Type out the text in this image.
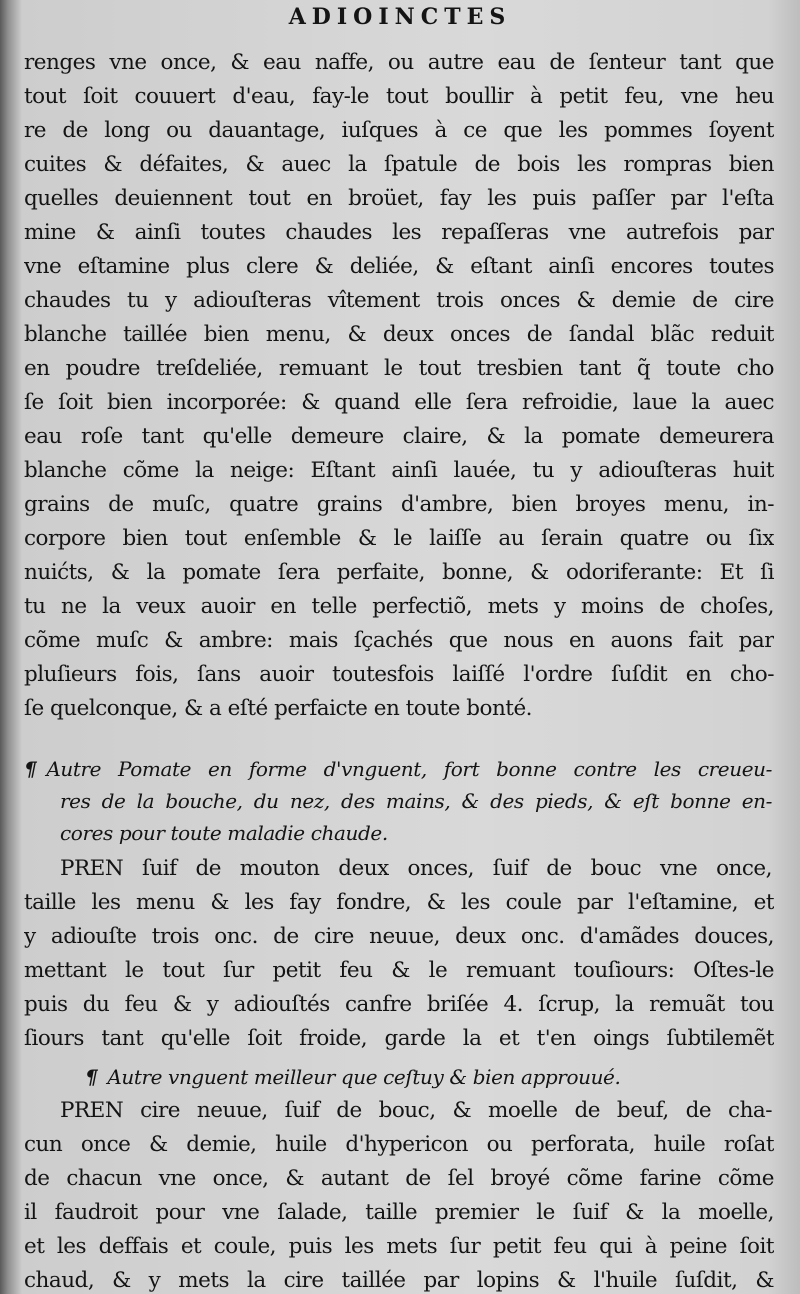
ADIOINCTES
renges vne once, & eau naffe, ou autre eau de ſenteur tant que
tout ſoit couuert d'eau, fay-le tout boullir à petit feu, vne heu
re de long ou dauantage, iuſques à ce que les pommes ſoyent
cuites & défaites, & auec la ſpatule de bois les rompras bien
quelles deuiennent tout en broüet, fay les puis paſſer par l'eſta
mine & ainſi toutes chaudes les repaſſeras vne autrefois par
vne eſtamine plus clere & deliée, & eſtant ainſi encores toutes
chaudes tu y adiouſteras vîtement trois onces & demie de cire
blanche taillée bien menu, & deux onces de ſandal blãc reduit
en poudre treſdeliée, remuant le tout tresbien tant q̃ toute cho
ſe ſoit bien incorporée: & quand elle ſera refroidie, laue la auec
eau roſe tant qu'elle demeure claire, & la pomate demeurera
blanche cõme la neige: Eſtant ainſi lauée, tu y adiouſteras huit
grains de muſc, quatre grains d'ambre, bien broyes menu, in-
corpore bien tout enſemble & le laiſſe au ſerain quatre ou ſix
nuićts, & la pomate ſera perfaite, bonne, & odoriferante: Et ſi
tu ne la veux auoir en telle perfectiõ, mets y moins de choſes,
cõme muſc & ambre: mais ſçachés que nous en auons fait par
pluſieurs fois, ſans auoir toutesfois laiſſé l'ordre ſuſdit en cho-
ſe quelconque, & a eſté perfaicte en toute bonté.
¶ Autre Pomate en forme d'vnguent, fort bonne contre les creueu-
res de la bouche, du nez, des mains, & des pieds, & eſt bonne en-
cores pour toute maladie chaude.
PREN ſuif de mouton deux onces, ſuif de bouc vne once,
taille les menu & les fay fondre, & les coule par l'eſtamine, et
y adiouſte trois onc. de cire neuue, deux onc. d'amãdes douces,
mettant le tout ſur petit feu & le remuant touſiours: Oſtes-le
puis du feu & y adiouſtés canfre briſée 4. ſcrup, la remuãt tou
ſiours tant qu'elle ſoit froide, garde la et t'en oings ſubtilemẽt
¶ Autre vnguent meilleur que ceſtuy & bien approuué.
PREN cire neuue, ſuif de bouc, & moelle de beuf, de cha-
cun once & demie, huile d'hypericon ou perforata, huile roſat
de chacun vne once, & autant de ſel broyé cõme farine cõme
il faudroit pour vne ſalade, taille premier le ſuif & la moelle,
et les deffais et coule, puis les mets ſur petit feu qui à peine ſoit
chaud, & y mets la cire taillée par lopins & l'huile ſuſdit, &
